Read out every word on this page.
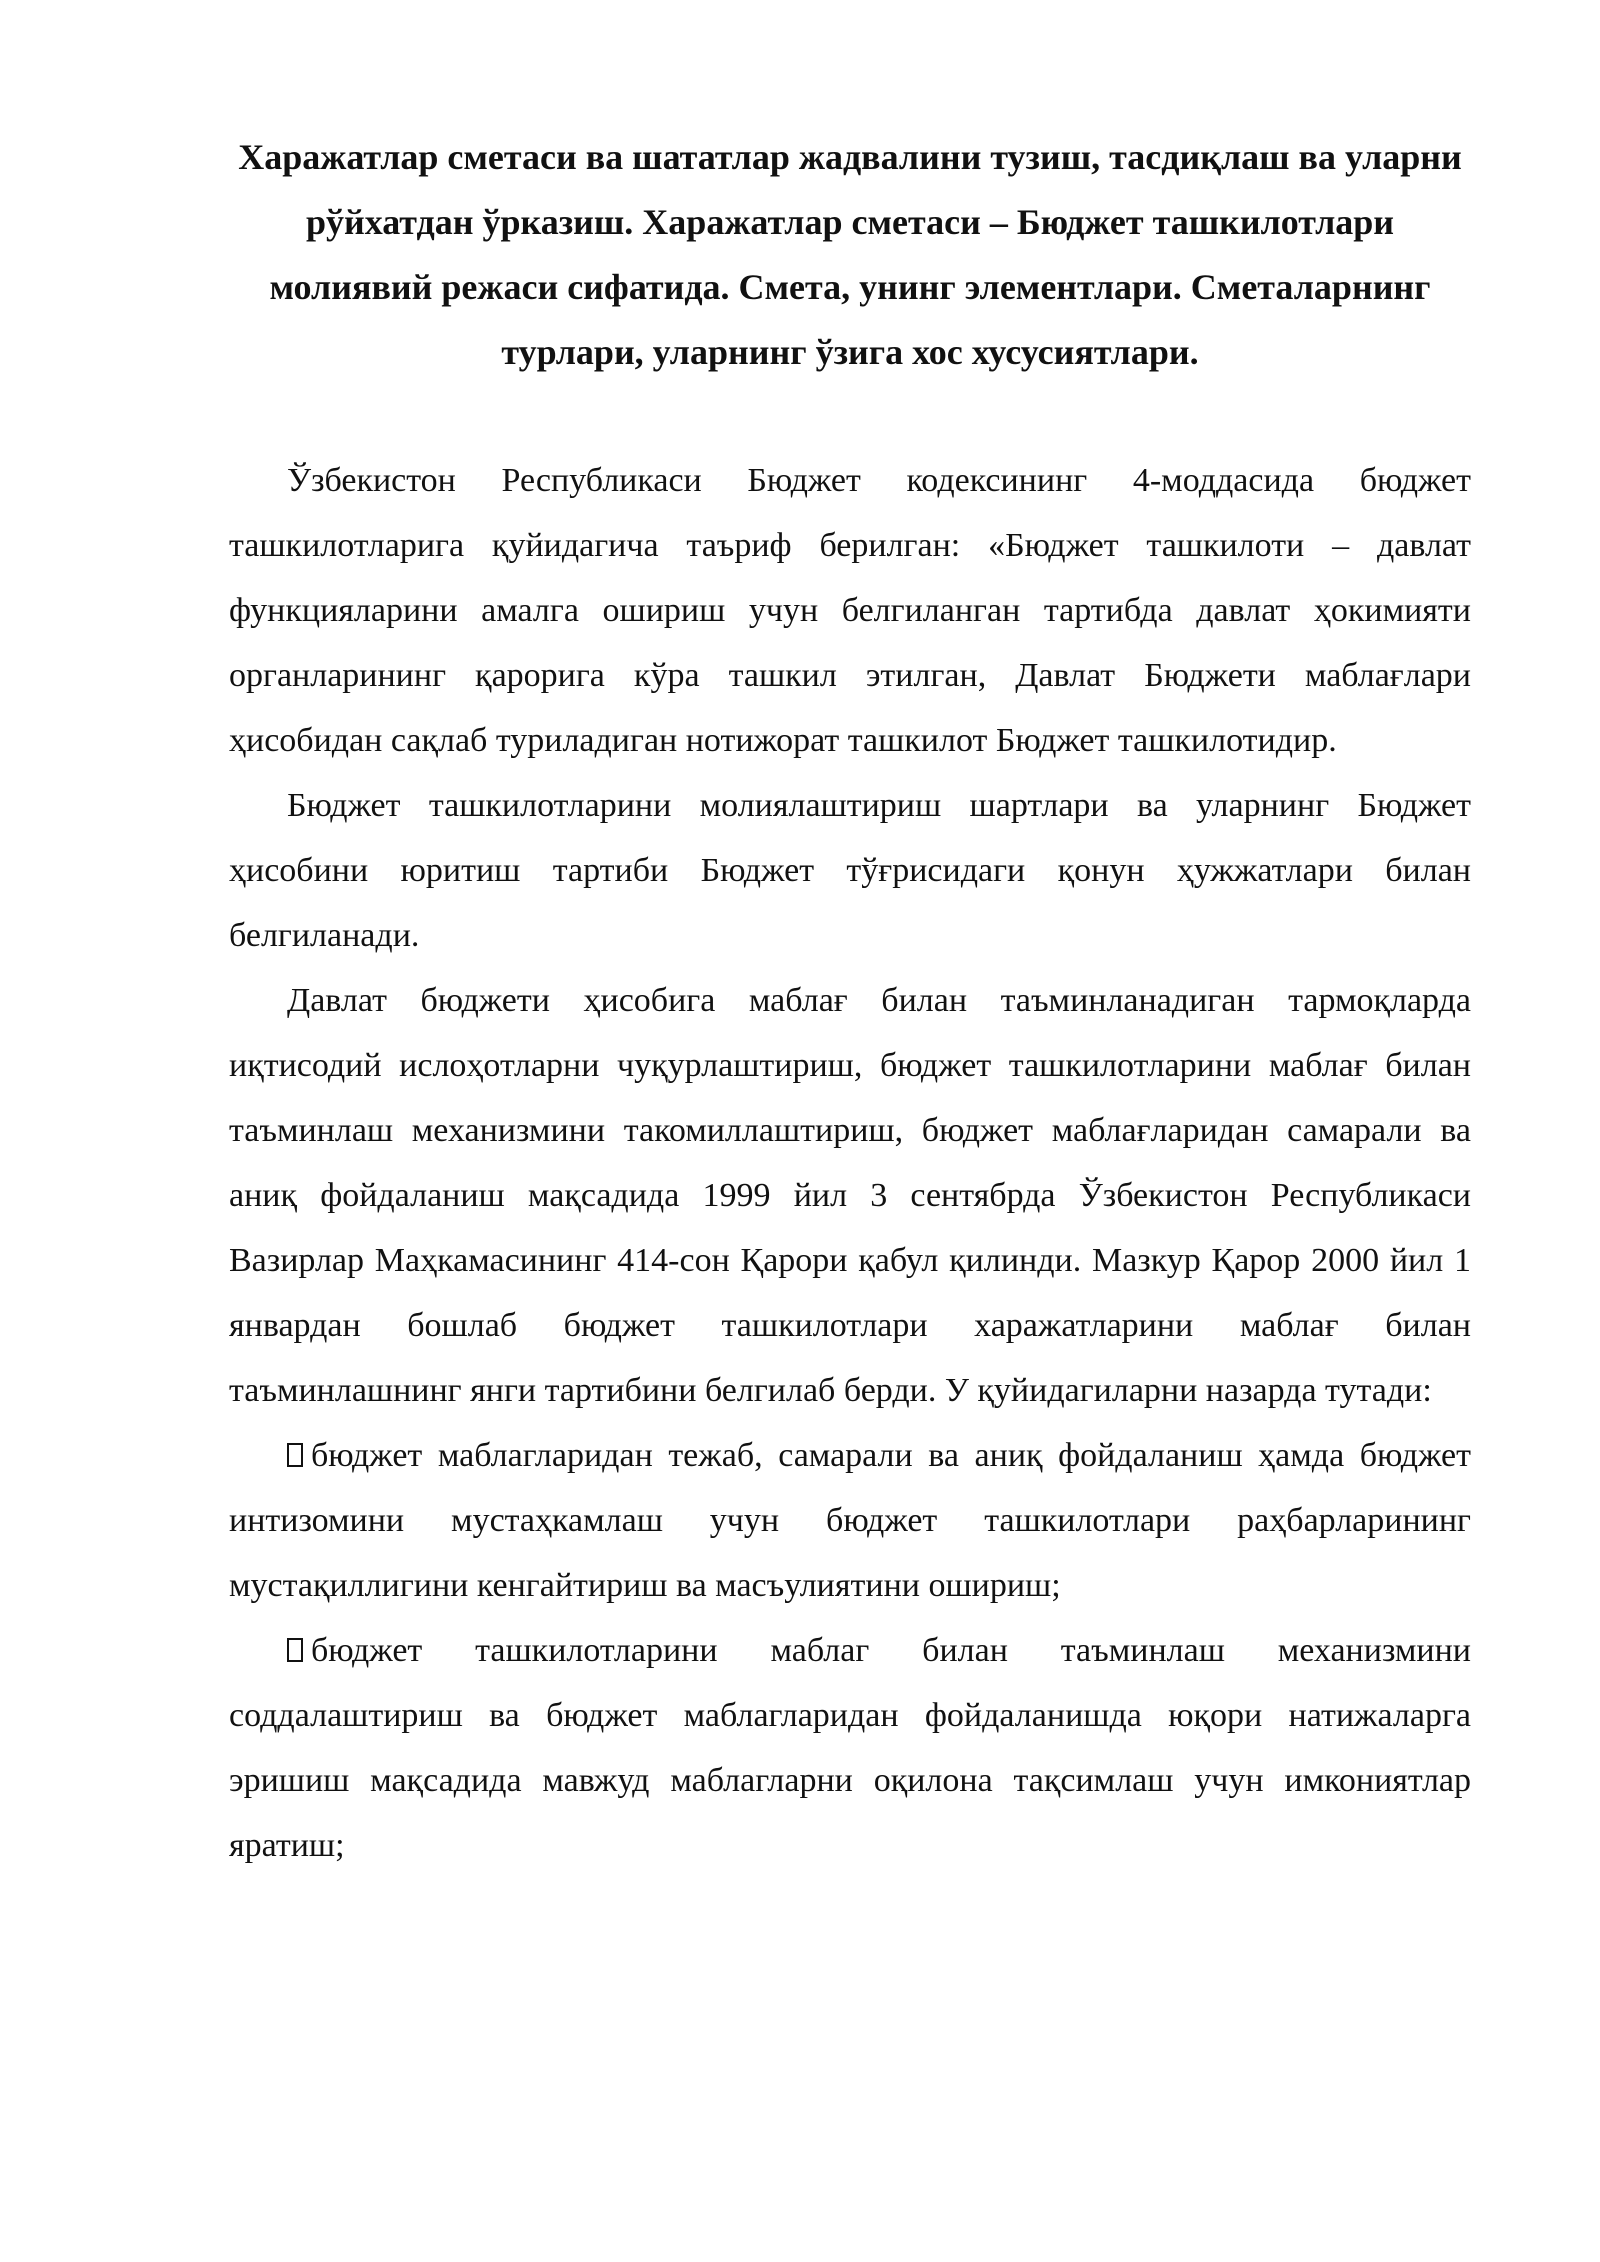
Харажатлар сметаси ва шататлар жадвалини тузиш, тасдиқлаш ва уларни рўйхатдан ўрказиш. Харажатлар сметаси – Бюджет ташкилотлари молиявий режаси сифатида. Смета, унинг элементлари. Сметаларнинг турлари, уларнинг ўзига хос хусусиятлари.

Ўзбекистон Республикаси Бюджет кодексининг 4-моддасида бюджет ташкилотларига қуйидагича таъриф берилган: «Бюджет ташкилоти – давлат функцияларини амалга ошириш учун белгиланган тартибда давлат ҳокимияти органларининг қарорига кўра ташкил этилган, Давлат Бюджети маблағлари ҳисобидан сақлаб туриладиган нотижорат ташкилот Бюджет ташкилотидир.

Бюджет ташкилотларини молиялаштириш шартлари ва уларнинг Бюджет ҳисобини юритиш тартиби Бюджет тўғрисидаги қонун ҳужжатлари билан белгиланади.

Давлат бюджети ҳисобига маблағ билан таъминланадиган тармоқларда иқтисодий ислоҳотларни чуқурлаштириш, бюджет ташкилотларини маблағ билан таъминлаш механизмини такомиллаштириш, бюджет маблағларидан самарали ва аниқ фойдаланиш мақсадида 1999 йил 3 сентябрда Ўзбекистон Республикаси Вазирлар Маҳкамасининг 414-сон Қарори қабул қилинди. Мазкур Қарор 2000 йил 1 январдан бошлаб бюджет ташкилотлари харажатларини маблағ билан таъминлашнинг янги тартибини белгилаб берди. У қуйидагиларни назарда тутади:

бюджет маблагларидан тежаб, самарали ва аниқ фойдаланиш ҳамда бюджет интизомини мустаҳкамлаш учун бюджет ташкилотлари раҳбарларининг мустақиллигини кенгайтириш ва масъулиятини ошириш;

бюджет ташкилотларини маблаг билан таъминлаш механизмини соддалаштириш ва бюджет маблагларидан фойдаланишда юқори натижаларга эришиш мақсадида мавжуд маблагларни оқилона тақсимлаш учун имкониятлар яратиш;
